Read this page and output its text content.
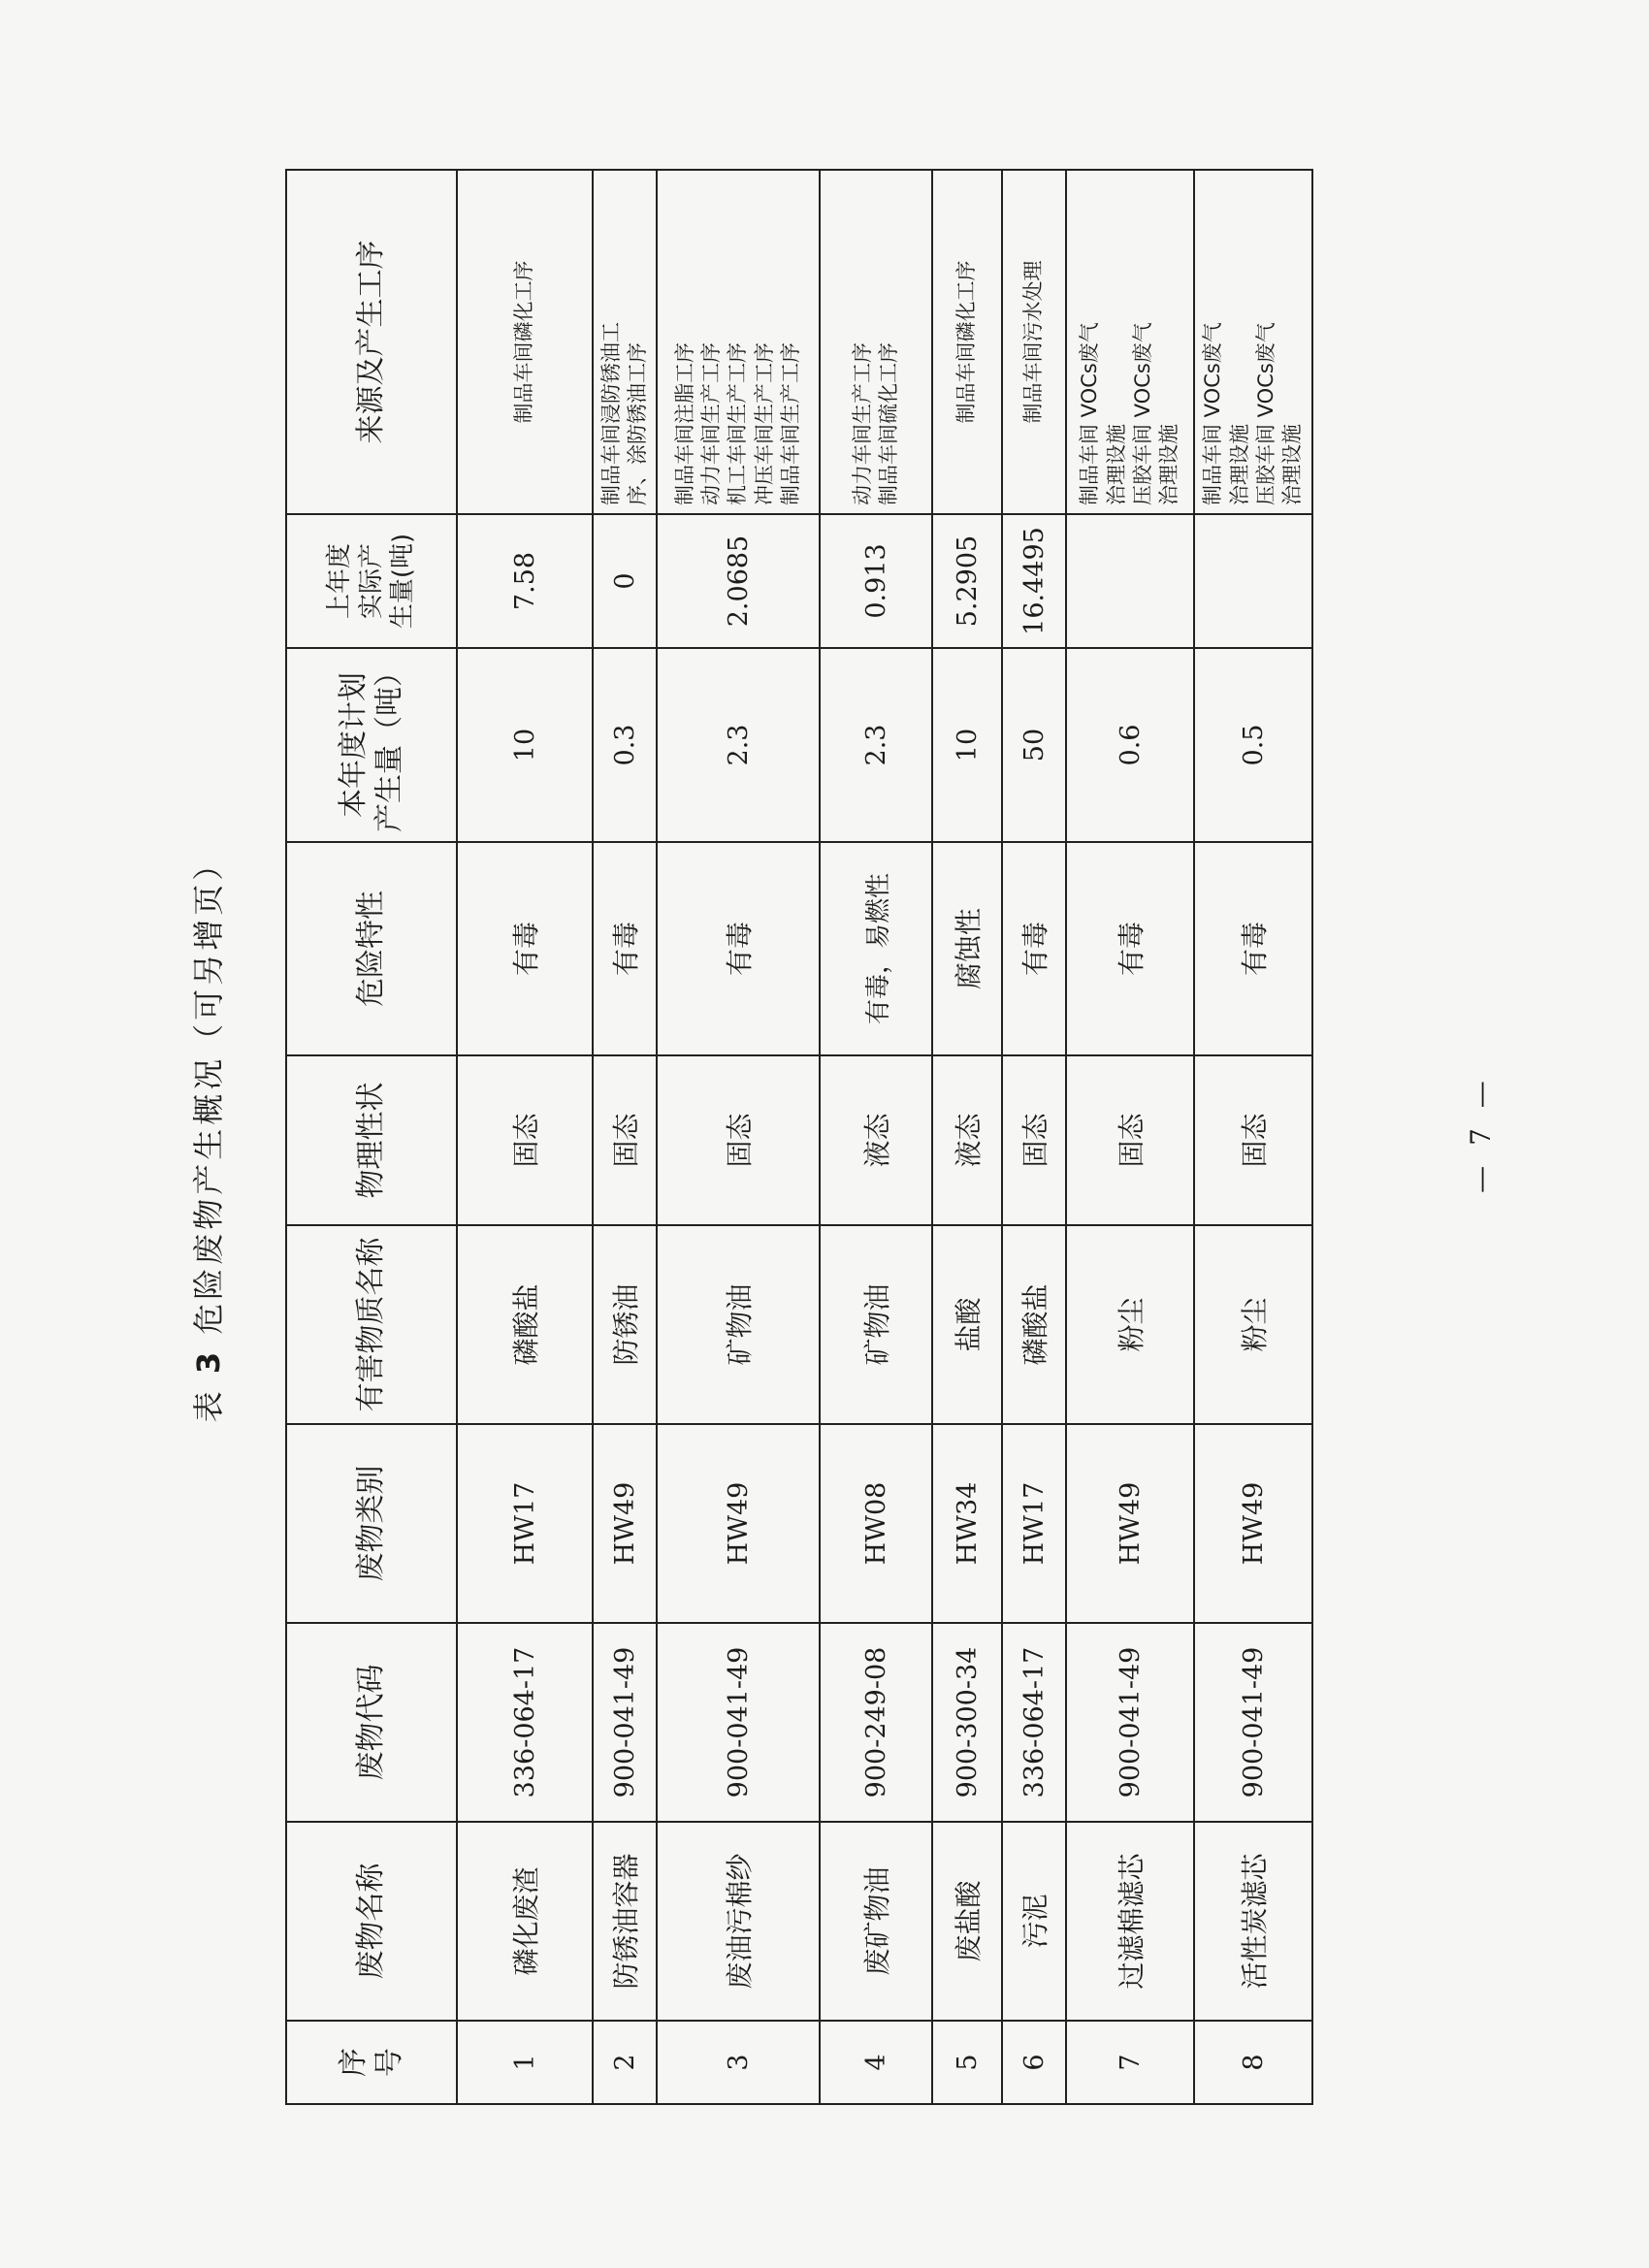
表 3 危险废物产生概况（可另增页）
序 号	废物名称	废物代码	废物类别	有害物质名称	物理性状	危险特性	本年度计划 产生量（吨）	上年度 实际产 生量(吨)	来源及产生工序
1	磷化废渣	336-064-17	HW17	磷酸盐	固态	有毒	10	7.58	制品车间磷化工序

2	防锈油容器	900-041-49	HW49	防锈油	固态	有毒	0.3	0	制品车间浸防锈油工 序、涂防锈油工序

3	废油污棉纱	900-041-49	HW49	矿物油	固态	有毒	2.3	2.0685	制品车间注脂工序 动力车间生产工序 机工车间生产工序 冲压车间生产工序 制品车间生产工序

4	废矿物油	900-249-08	HW08	矿物油	液态	有毒，易燃性	2.3	0.913	动力车间生产工序 制品车间硫化工序

5	废盐酸	900-300-34	HW34	盐酸	液态	腐蚀性	10	5.2905	制品车间磷化工序

6	污泥	336-064-17	HW17	磷酸盐	固态	有毒	50	16.4495	制品车间污水处理

7	过滤棉滤芯	900-041-49	HW49	粉尘	固态	有毒	0.6		制品车间 VOCs废气 治理设施 压胶车间 VOCs废气 治理设施

8	活性炭滤芯	900-041-49	HW49	粉尘	固态	有毒	0.5		制品车间 VOCs废气 治理设施 压胶车间 VOCs废气 治理设施
— 7 —
